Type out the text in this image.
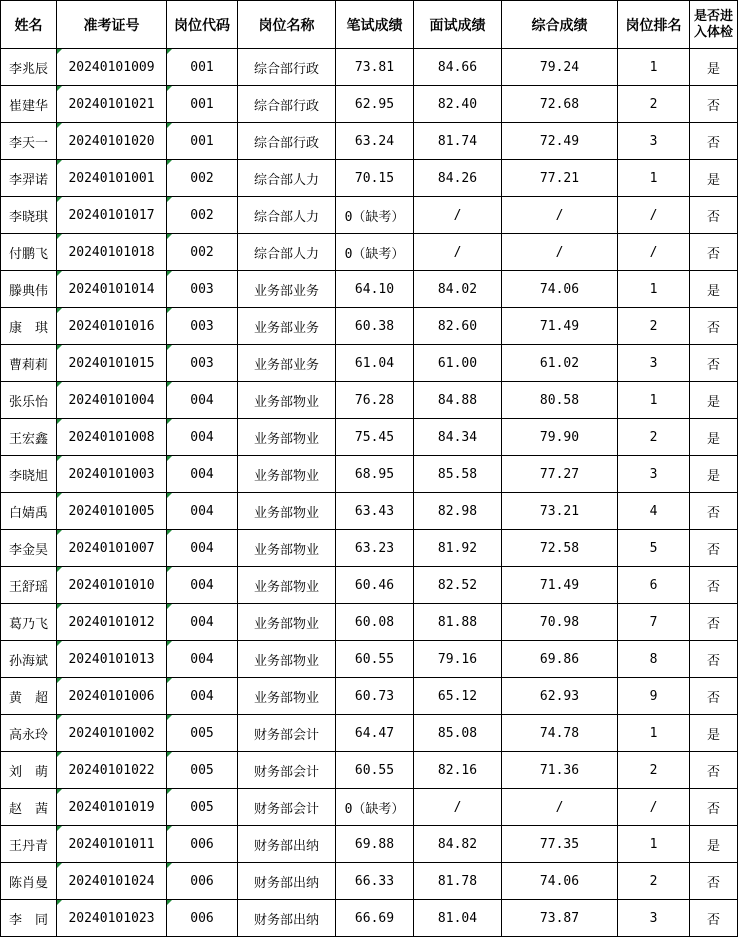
姓名	准考证号	岗位代码	岗位名称	笔试成绩	面试成绩	综合成绩	岗位排名	是否进入体检
李兆辰	20240101009	001	综合部行政	73.81	84.66	79.24	1	是
崔建华	20240101021	001	综合部行政	62.95	82.40	72.68	2	否
李天一	20240101020	001	综合部行政	63.24	81.74	72.49	3	否
李羿诺	20240101001	002	综合部人力	70.15	84.26	77.21	1	是
李晓琪	20240101017	002	综合部人力	0（缺考）	/	/	/	否
付鹏飞	20240101018	002	综合部人力	0（缺考）	/	/	/	否
滕典伟	20240101014	003	业务部业务	64.10	84.02	74.06	1	是
康　琪	20240101016	003	业务部业务	60.38	82.60	71.49	2	否
曹莉莉	20240101015	003	业务部业务	61.04	61.00	61.02	3	否
张乐怡	20240101004	004	业务部物业	76.28	84.88	80.58	1	是
王宏鑫	20240101008	004	业务部物业	75.45	84.34	79.90	2	是
李晓旭	20240101003	004	业务部物业	68.95	85.58	77.27	3	是
白婧禹	20240101005	004	业务部物业	63.43	82.98	73.21	4	否
李金昊	20240101007	004	业务部物业	63.23	81.92	72.58	5	否
王舒瑶	20240101010	004	业务部物业	60.46	82.52	71.49	6	否
葛乃飞	20240101012	004	业务部物业	60.08	81.88	70.98	7	否
孙海斌	20240101013	004	业务部物业	60.55	79.16	69.86	8	否
黄　超	20240101006	004	业务部物业	60.73	65.12	62.93	9	否
高永玲	20240101002	005	财务部会计	64.47	85.08	74.78	1	是
刘　萌	20240101022	005	财务部会计	60.55	82.16	71.36	2	否
赵　茜	20240101019	005	财务部会计	0（缺考）	/	/	/	否
王丹青	20240101011	006	财务部出纳	69.88	84.82	77.35	1	是
陈肖曼	20240101024	006	财务部出纳	66.33	81.78	74.06	2	否
李　同	20240101023	006	财务部出纳	66.69	81.04	73.87	3	否
